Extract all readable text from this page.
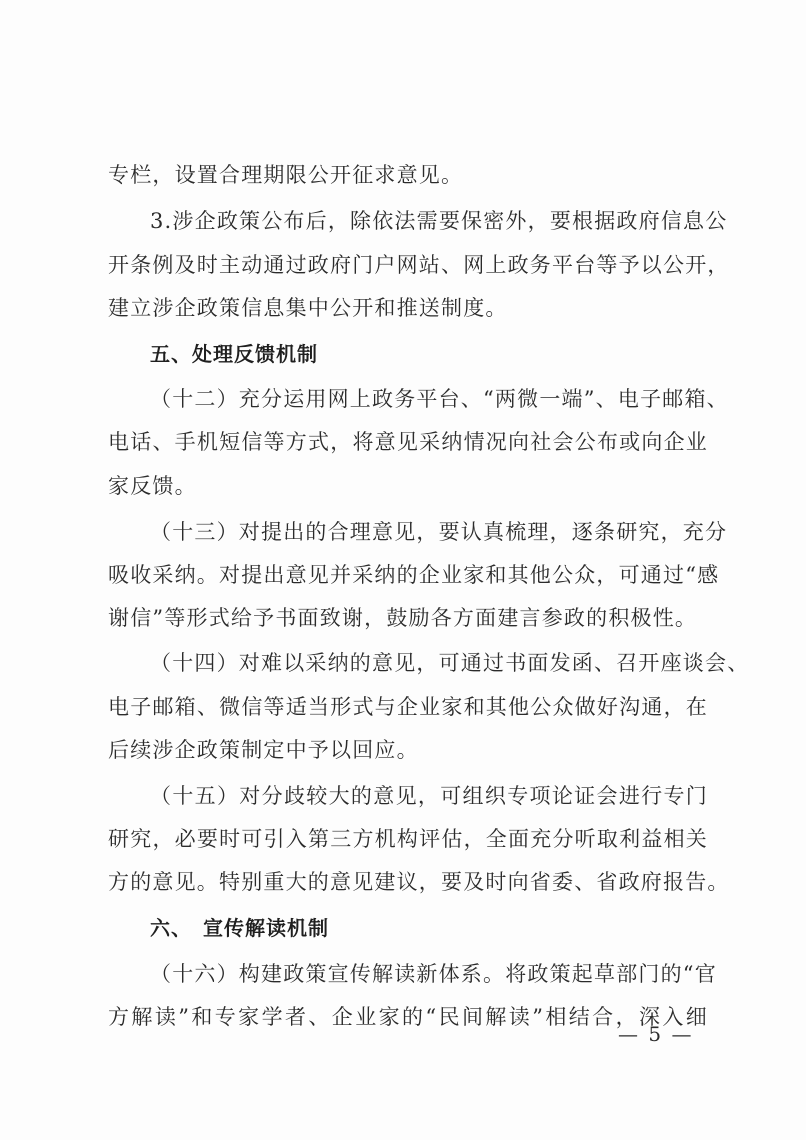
专栏，设置合理期限公开征求意见。
3.涉企政策公布后，除依法需要保密外，要根据政府信息公
开条例及时主动通过政府门户网站、网上政务平台等予以公开，
建立涉企政策信息集中公开和推送制度。
五、处理反馈机制
（十二）充分运用网上政务平台、“两微一端”、电子邮箱、
电话、手机短信等方式，将意见采纳情况向社会公布或向企业
家反馈。
（十三）对提出的合理意见，要认真梳理，逐条研究，充分
吸收采纳。对提出意见并采纳的企业家和其他公众，可通过“感
谢信”等形式给予书面致谢，鼓励各方面建言参政的积极性。
（十四）对难以采纳的意见，可通过书面发函、召开座谈会、
电子邮箱、微信等适当形式与企业家和其他公众做好沟通，在
后续涉企政策制定中予以回应。
（十五）对分歧较大的意见，可组织专项论证会进行专门
研究，必要时可引入第三方机构评估，全面充分听取利益相关
方的意见。特别重大的意见建议，要及时向省委、省政府报告。
六、　宣传解读机制
（十六）构建政策宣传解读新体系。将政策起草部门的“官
方解读”和专家学者、企业家的“民间解读”相结合，深入细
— 5 —
